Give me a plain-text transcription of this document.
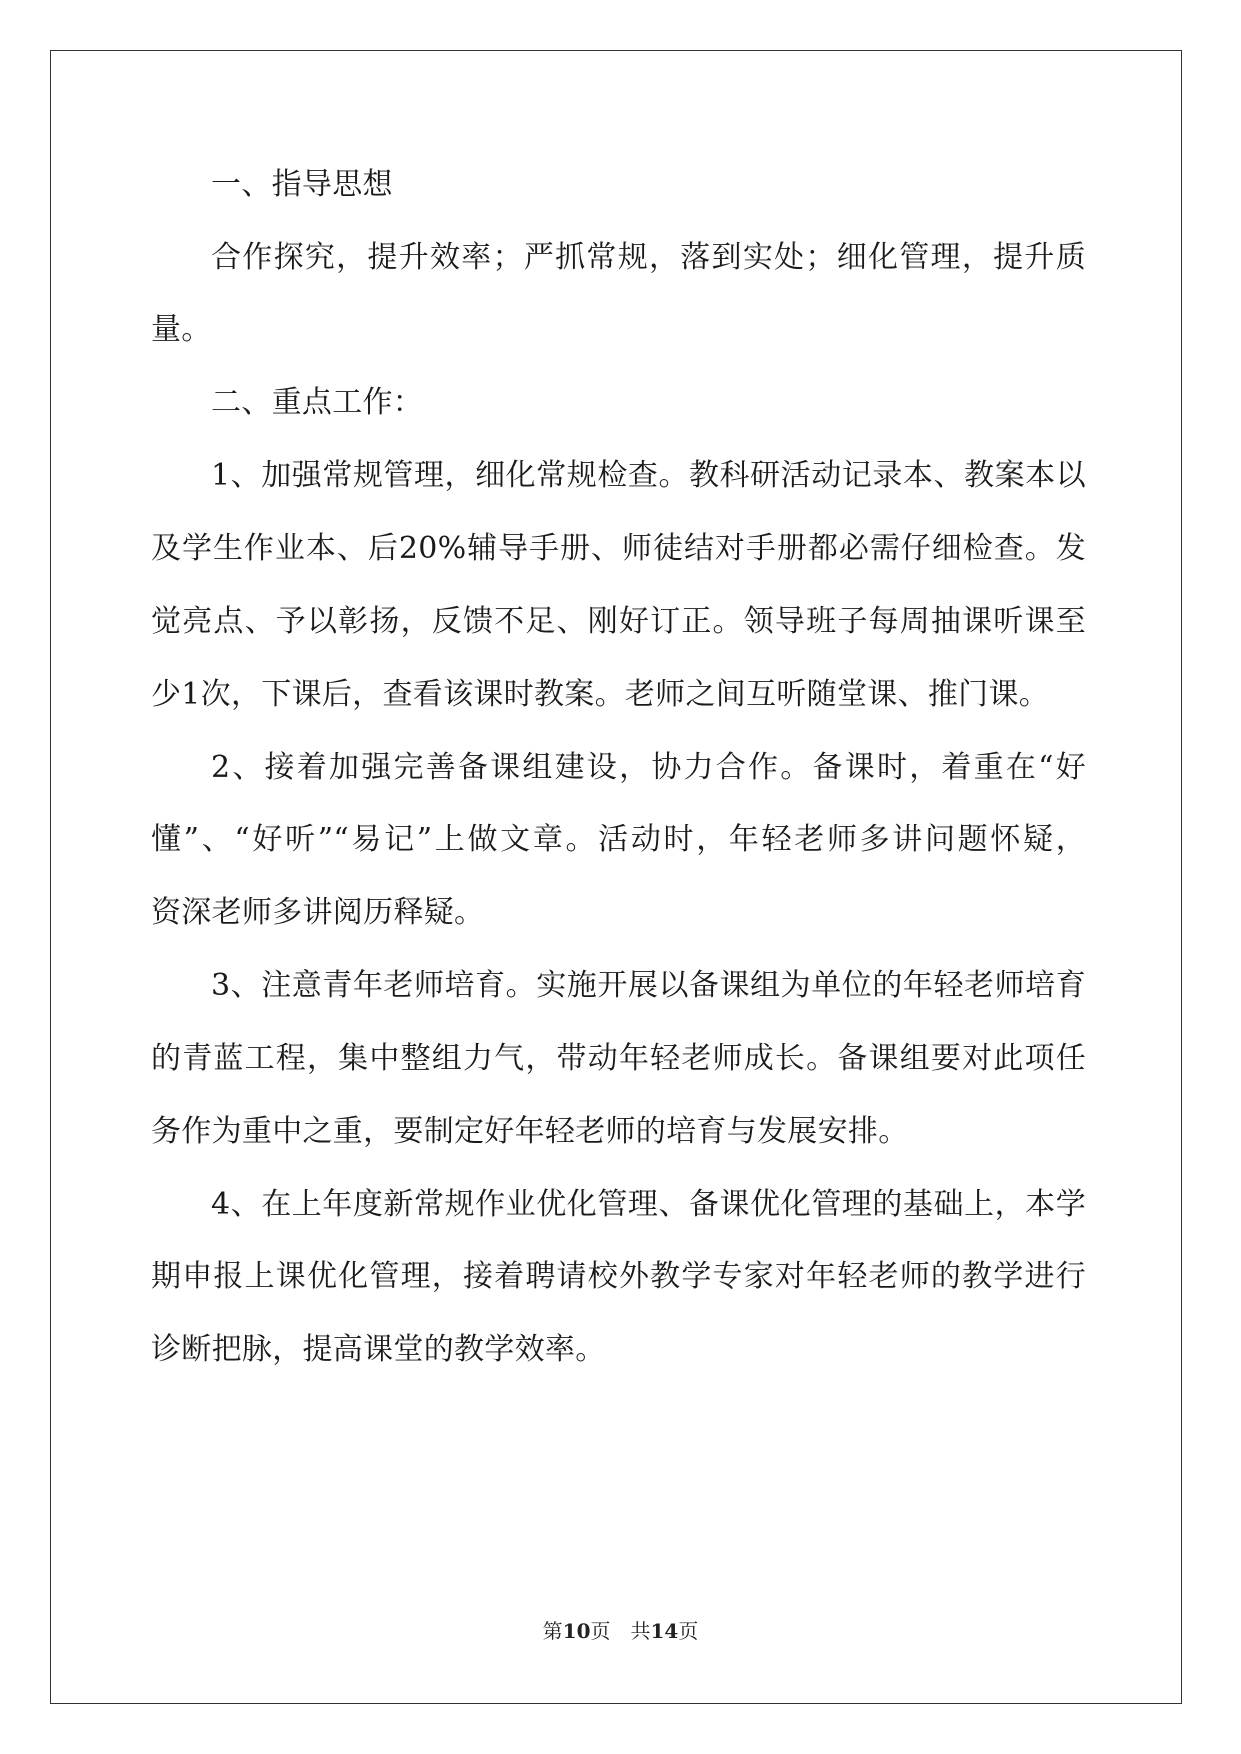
一、指导思想
合作探究，提升效率；严抓常规，落到实处；细化管理，提升质
量。
二、重点工作：
1、加强常规管理，细化常规检查。教科研活动记录本、教案本以
及学生作业本、后20%辅导手册、师徒结对手册都必需仔细检查。发
觉亮点、予以彰扬，反馈不足、刚好订正。领导班子每周抽课听课至
少1次，下课后，查看该课时教案。老师之间互听随堂课、推门课。
2、接着加强完善备课组建设，协力合作。备课时，着重在“好
懂”、“好听”“易记”上做文章。活动时，年轻老师多讲问题怀疑，
资深老师多讲阅历释疑。
3、注意青年老师培育。实施开展以备课组为单位的年轻老师培育
的青蓝工程，集中整组力气，带动年轻老师成长。备课组要对此项任
务作为重中之重，要制定好年轻老师的培育与发展安排。
4、在上年度新常规作业优化管理、备课优化管理的基础上，本学
期申报上课优化管理，接着聘请校外教学专家对年轻老师的教学进行
诊断把脉，提高课堂的教学效率。
第10页　共14页
